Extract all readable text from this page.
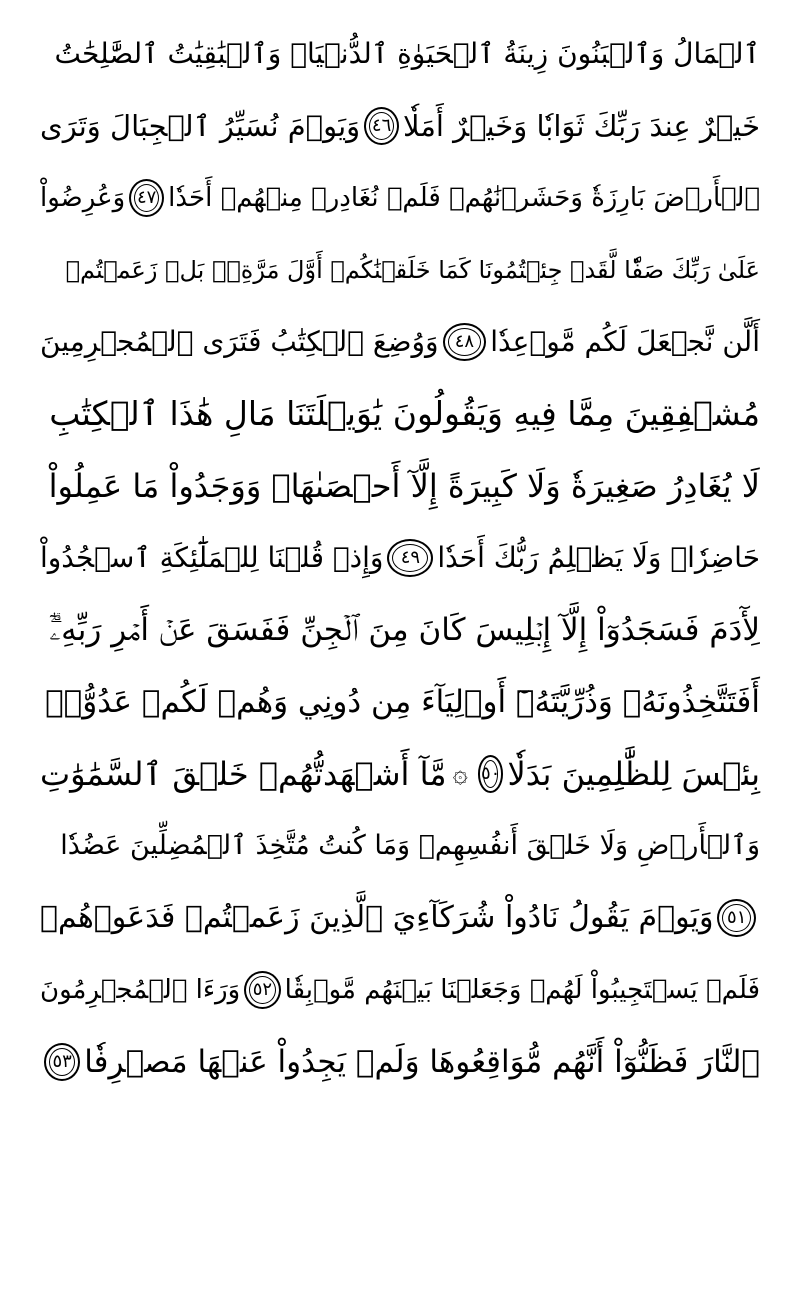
ٱلۡمَالُ وَٱلۡبَنُونَ زِينَةُ ٱلۡحَيَوٰةِ ٱلدُّنۡيَاۖ وَٱلۡبَٰقِيَٰتُ ٱلصَّٰلِحَٰتُ
خَيۡرٌ عِندَ رَبِّكَ ثَوَابٗا وَخَيۡرٌ أَمَلٗا
٤٦
وَيَوۡمَ نُسَيِّرُ ٱلۡجِبَالَ وَتَرَى
ٱلۡأَرۡضَ بَارِزَةٗ وَحَشَرۡنَٰهُمۡ فَلَمۡ نُغَادِرۡ مِنۡهُمۡ أَحَدٗا
٤٧
وَعُرِضُواْ
عَلَىٰ رَبِّكَ صَفّٗا لَّقَدۡ جِئۡتُمُونَا كَمَا خَلَقۡنَٰكُمۡ أَوَّلَ مَرَّةِۭۚ بَلۡ زَعَمۡتُمۡ
أَلَّن نَّجۡعَلَ لَكُم مَّوۡعِدٗا
٤٨
وَوُضِعَ ٱلۡكِتَٰبُ فَتَرَى ٱلۡمُجۡرِمِينَ
مُشۡفِقِينَ مِمَّا فِيهِ وَيَقُولُونَ يَٰوَيۡلَتَنَا مَالِ هَٰذَا ٱلۡكِتَٰبِ
لَا يُغَادِرُ صَغِيرَةٗ وَلَا كَبِيرَةً إِلَّآ أَحۡصَىٰهَاۚ وَوَجَدُواْ مَا عَمِلُواْ
حَاضِرٗاۗ وَلَا يَظۡلِمُ رَبُّكَ أَحَدٗا
٤٩
وَإِذۡ قُلۡنَا لِلۡمَلَٰٓئِكَةِ ٱسۡجُدُواْ
لِأٓدَمَ فَسَجَدُوٓاْ إِلَّآ إِبۡلِيسَ كَانَ مِنَ ٱلۡجِنِّ فَفَسَقَ عَنۡ أَمۡرِ رَبِّهِۦٓۗ
أَفَتَتَّخِذُونَهُۥ وَذُرِّيَّتَهُۥٓ أَوۡلِيَآءَ مِن دُونِي وَهُمۡ لَكُمۡ عَدُوُّۢۚ
بِئۡسَ لِلظَّٰلِمِينَ بَدَلٗا
٥٠
۞
مَّآ أَشۡهَدتُّهُمۡ خَلۡقَ ٱلسَّمَٰوَٰتِ
وَٱلۡأَرۡضِ وَلَا خَلۡقَ أَنفُسِهِمۡ وَمَا كُنتُ مُتَّخِذَ ٱلۡمُضِلِّينَ عَضُدٗا
٥١
وَيَوۡمَ يَقُولُ نَادُواْ شُرَكَآءِيَ ٱلَّذِينَ زَعَمۡتُمۡ فَدَعَوۡهُمۡ
فَلَمۡ يَسۡتَجِيبُواْ لَهُمۡ وَجَعَلۡنَا بَيۡنَهُم مَّوۡبِقٗا
٥٢
وَرَءَا ٱلۡمُجۡرِمُونَ
ٱلنَّارَ فَظَنُّوٓاْ أَنَّهُم مُّوَاقِعُوهَا وَلَمۡ يَجِدُواْ عَنۡهَا مَصۡرِفٗا
٥٣
